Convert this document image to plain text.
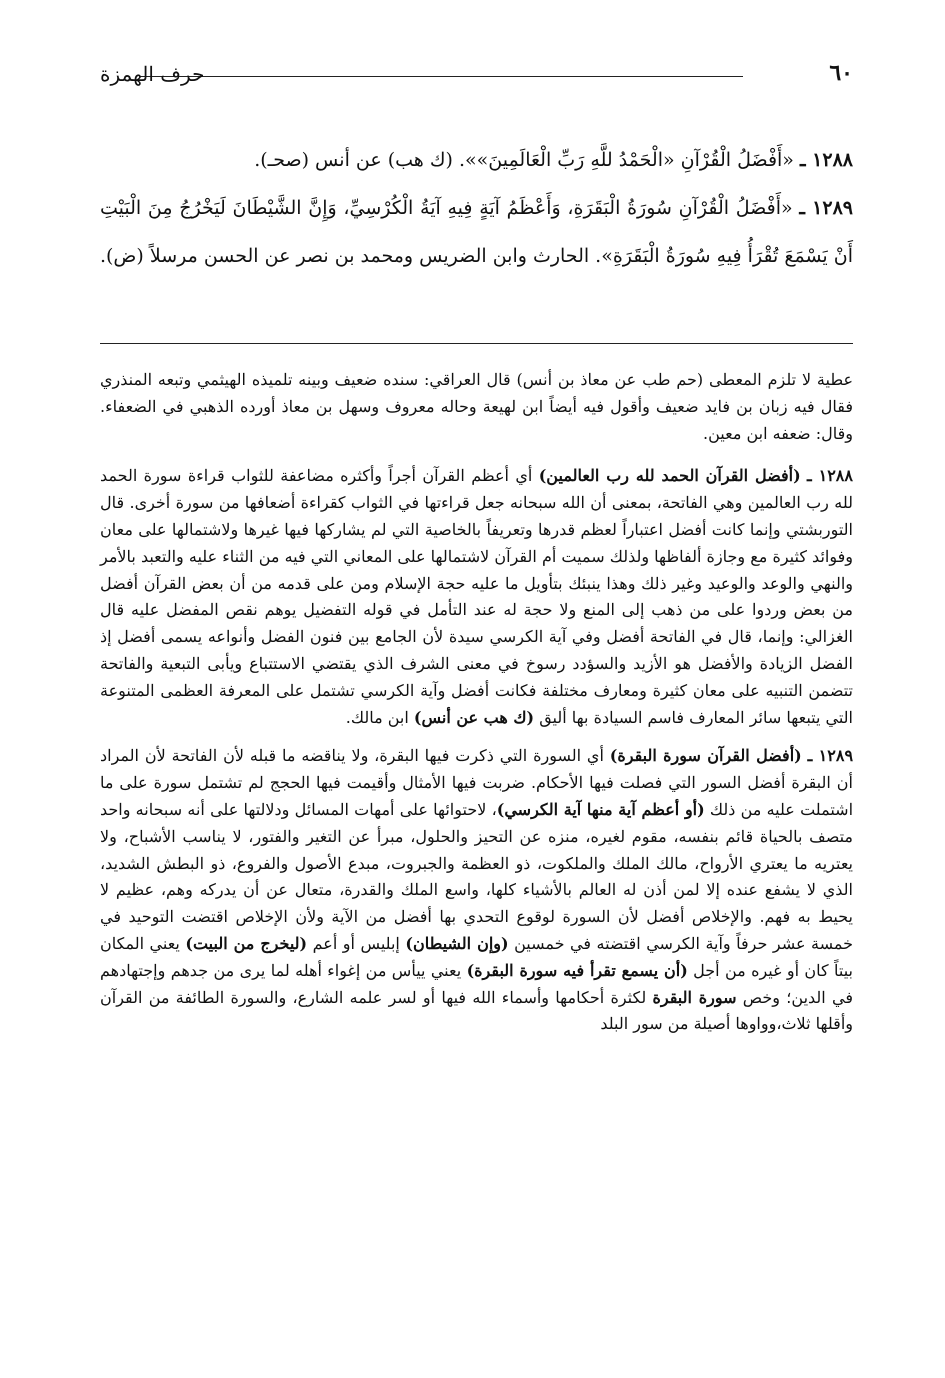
٦٠
حرف الهمزة

١٢٨٨ ـ «أَفْضَلُ الْقُرْآنِ «الْحَمْدُ للَّهِ رَبِّ الْعَالَمِينَ»». (ك هب) عن أنس (صحـ).

١٢٨٩ ـ «أَفْضَلُ الْقُرْآنِ سُورَةُ الْبَقَرَةِ، وَأَعْظَمُ آيَةٍ فِيهِ آيَةُ الْكُرْسِيِّ، وَإِنَّ الشَّيْطَانَ لَيَخْرُجُ مِنَ الْبَيْتِ أَنْ يَسْمَعَ تُقْرَأُ فِيهِ سُورَةُ الْبَقَرَةِ». الحارث وابن الضريس ومحمد بن نصر عن الحسن مرسلاً (ض).

عطية لا تلزم المعطى (حم طب عن معاذ بن أنس) قال العراقي: سنده ضعيف وبينه تلميذه الهيثمي وتبعه المنذري فقال فيه زبان بن فايد ضعيف وأقول فيه أيضاً ابن لهيعة وحاله معروف وسهل بن معاذ أورده الذهبي في الضعفاء. وقال: ضعفه ابن معين.

١٢٨٨ ـ (أفضل القرآن الحمد لله رب العالمين) أي أعظم القرآن أجراً وأكثره مضاعفة للثواب قراءة سورة الحمد لله رب العالمين وهي الفاتحة، بمعنى أن الله سبحانه جعل قراءتها في الثواب كقراءة أضعافها من سورة أخرى. قال التوربشتي وإنما كانت أفضل اعتباراً لعظم قدرها وتعريفاً بالخاصية التي لم يشاركها فيها غيرها ولاشتمالها على معان وفوائد كثيرة مع وجازة ألفاظها ولذلك سميت أم القرآن لاشتمالها على المعاني التي فيه من الثناء عليه والتعبد بالأمر والنهي والوعد والوعيد وغير ذلك وهذا ينبئك بتأويل ما عليه حجة الإسلام ومن على قدمه من أن بعض القرآن أفضل من بعض وردوا على من ذهب إلى المنع ولا حجة له عند التأمل في قوله التفضيل يوهم نقص المفضل عليه قال الغزالي: وإنما، قال في الفاتحة أفضل وفي آية الكرسي سيدة لأن الجامع بين فنون الفضل وأنواعه يسمى أفضل إذ الفضل الزيادة والأفضل هو الأزيد والسؤدد رسوخ في معنى الشرف الذي يقتضي الاستتباع ويأبى التبعية والفاتحة تتضمن التنبيه على معان كثيرة ومعارف مختلفة فكانت أفضل وآية الكرسي تشتمل على المعرفة العظمى المتنوعة التي يتبعها سائر المعارف فاسم السيادة بها أليق (ك هب عن أنس) ابن مالك.

١٢٨٩ ـ (أفضل القرآن سورة البقرة) أي السورة التي ذكرت فيها البقرة، ولا يناقضه ما قبله لأن الفاتحة لأن المراد أن البقرة أفضل السور التي فصلت فيها الأحكام. ضربت فيها الأمثال وأقيمت فيها الحجج لم تشتمل سورة على ما اشتملت عليه من ذلك (أو أعظم آية منها آية الكرسي)، لاحتوائها على أمهات المسائل ودلالتها على أنه سبحانه واحد متصف بالحياة قائم بنفسه، مقوم لغيره، منزه عن التحيز والحلول، مبرأ عن التغير والفتور، لا يناسب الأشباح، ولا يعتريه ما يعتري الأرواح، مالك الملك والملكوت، ذو العظمة والجبروت، مبدع الأصول والفروع، ذو البطش الشديد، الذي لا يشفع عنده إلا لمن أذن له العالم بالأشياء كلها، واسع الملك والقدرة، متعال عن أن يدركه وهم، عظيم لا يحيط به فهم. والإخلاص أفضل لأن السورة لوقوع التحدي بها أفضل من الآية ولأن الإخلاص اقتضت التوحيد في خمسة عشر حرفاً وآية الكرسي اقتضته في خمسين (وإن الشيطان) إبليس أو أعم (ليخرج من البيت) يعني المكان بيتاً كان أو غيره من أجل (أن يسمع تقرأ فيه سورة البقرة) يعني ييأس من إغواء أهله لما يرى من جدهم وإجتهادهم في الدين؛ وخص سورة البقرة لكثرة أحكامها وأسماء الله فيها أو لسر علمه الشارع، والسورة الطائفة من القرآن وأقلها ثلاث،وواوها أصيلة من سور البلد
